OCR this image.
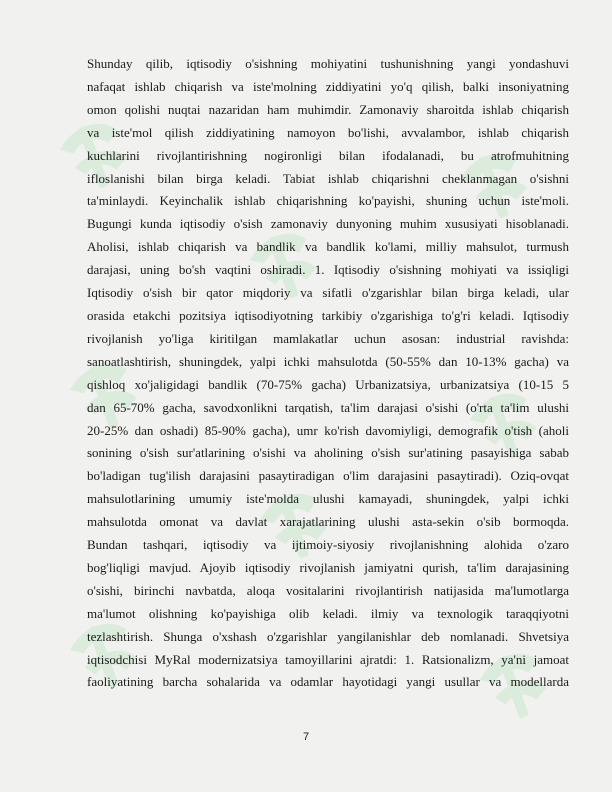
Shunday qilib, iqtisodiy o'sishning mohiyatini tushunishning yangi yondashuvi
nafaqat ishlab chiqarish va iste'molning ziddiyatini yo'q qilish, balki insoniyatning
omon qolishi nuqtai nazaridan ham muhimdir. Zamonaviy sharoitda ishlab chiqarish
va iste'mol qilish ziddiyatining namoyon bo'lishi, avvalambor, ishlab chiqarish
kuchlarini rivojlantirishning nogironligi bilan ifodalanadi, bu atrofmuhitning
ifloslanishi bilan birga keladi. Tabiat ishlab chiqarishni cheklanmagan o'sishni
ta'minlaydi. Keyinchalik ishlab chiqarishning ko'payishi, shuning uchun iste'moli.
Bugungi kunda iqtisodiy o'sish zamonaviy dunyoning muhim xususiyati hisoblanadi.
Aholisi, ishlab chiqarish va bandlik va bandlik ko'lami, milliy mahsulot, turmush
darajasi, uning bo'sh vaqtini oshiradi. 1. Iqtisodiy o'sishning mohiyati va issiqligi
Iqtisodiy o'sish bir qator miqdoriy va sifatli o'zgarishlar bilan birga keladi, ular
orasida etakchi pozitsiya iqtisodiyotning tarkibiy o'zgarishiga to'g'ri keladi. Iqtisodiy
rivojlanish yo'liga kiritilgan mamlakatlar uchun asosan: industrial ravishda:
sanoatlashtirish, shuningdek, yalpi ichki mahsulotda (50-55% dan 10-13% gacha) va
qishloq xo'jaligidagi bandlik (70-75% gacha) Urbanizatsiya, urbanizatsiya (10-15 5
dan 65-70% gacha, savodxonlikni tarqatish, ta'lim darajasi o'sishi (o'rta ta'lim ulushi
20-25% dan oshadi) 85-90% gacha), umr ko'rish davomiyligi, demografik o'tish (aholi
sonining o'sish sur'atlarining o'sishi va aholining o'sish sur'atining pasayishiga sabab
bo'ladigan tug'ilish darajasini pasaytiradigan o'lim darajasini pasaytiradi). Oziq-ovqat
mahsulotlarining umumiy iste'molda ulushi kamayadi, shuningdek, yalpi ichki
mahsulotda omonat va davlat xarajatlarining ulushi asta-sekin o'sib bormoqda.
Bundan tashqari, iqtisodiy va ijtimoiy-siyosiy rivojlanishning alohida o'zaro
bog'liqligi mavjud. Ajoyib iqtisodiy rivojlanish jamiyatni qurish, ta'lim darajasining
o'sishi, birinchi navbatda, aloqa vositalarini rivojlantirish natijasida ma'lumotlarga
ma'lumot olishning ko'payishiga olib keladi. ilmiy va texnologik taraqqiyotni
tezlashtirish. Shunga o'xshash o'zgarishlar yangilanishlar deb nomlanadi. Shvetsiya
iqtisodchisi MyRal modernizatsiya tamoyillarini ajratdi: 1. Ratsionalizm, ya'ni jamoat
faoliyatining barcha sohalarida va odamlar hayotidagi yangi usullar va modellarda
7
